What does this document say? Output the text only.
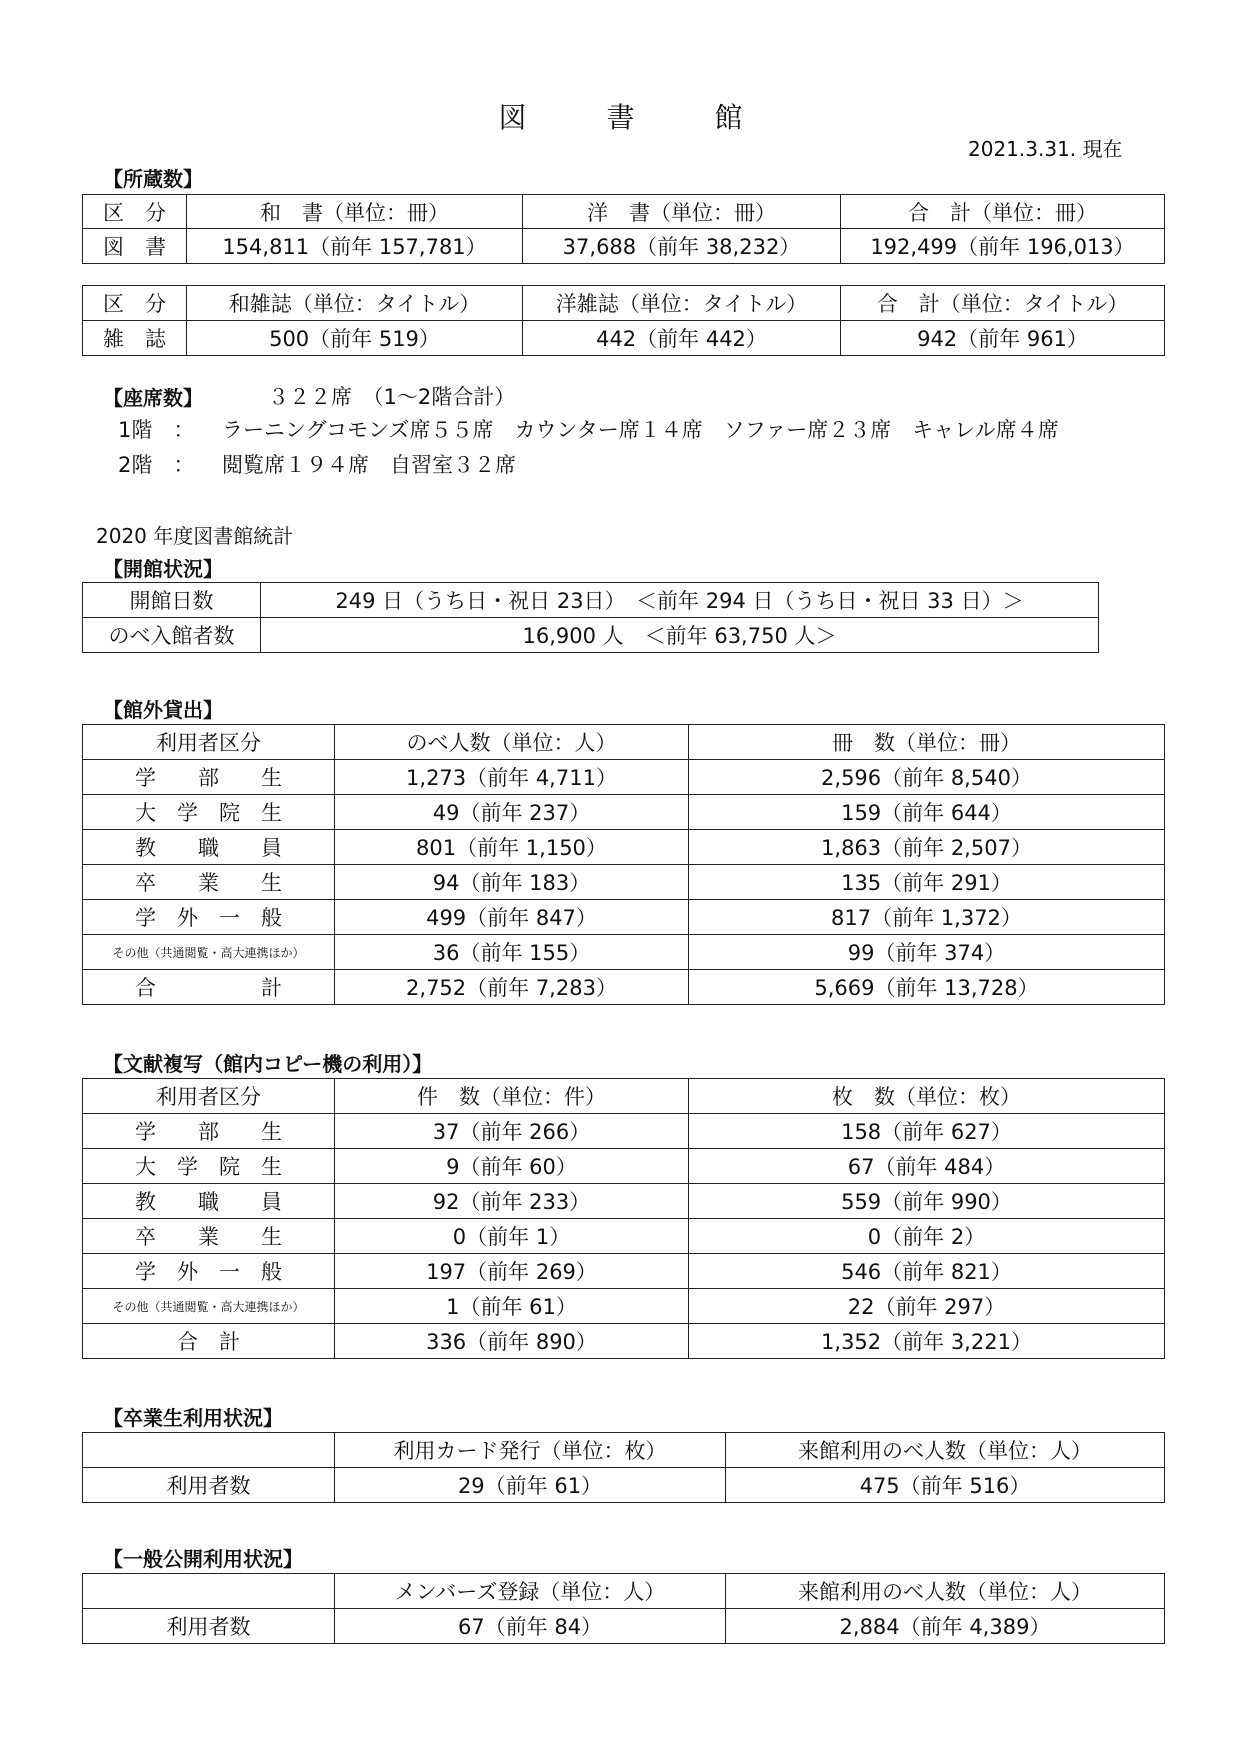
図　書　館
2021.3.31. 現在
【所蔵数】
区　分	和　書（単位：冊）	洋　書（単位：冊）	合　計（単位：冊）
図　書	154,811（前年 157,781）	37,688（前年 38,232）	192,499（前年 196,013）
区　分	和雑誌（単位：タイトル）	洋雑誌（単位：タイトル）	合　計（単位：タイトル）
雑　誌	500（前年 519）	442（前年 442）	942（前年 961）
【座席数】	３２２席　（1～2階合計）
1階　： ラーニングコモンズ席５５席　カウンター席１４席　ソファー席２３席　キャレル席４席
2階　： 閲覧席１９４席　自習室３２席
2020 年度図書館統計
【開館状況】
開館日数	249 日（うち日・祝日 23日）　＜前年 294 日（うち日・祝日 33 日）＞
のべ入館者数	16,900 人　＜前年 63,750 人＞
【館外貸出】
利用者区分	のべ人数（単位：人）	冊　数（単位：冊）
学　　部　　生	1,273（前年 4,711）	2,596（前年 8,540）
大　学　院　生	49（前年 237）	159（前年 644）
教　　職　　員	801（前年 1,150）	1,863（前年 2,507）
卒　　業　　生	94（前年 183）	135（前年 291）
学　外　一　般	499（前年 847）	817（前年 1,372）
その他（共通閲覧・高大連携ほか）	36（前年 155）	99（前年 374）
合　　　　　計	2,752（前年 7,283）	5,669（前年 13,728）
【文献複写（館内コピー機の利用）】
利用者区分	件　数（単位：件）	枚　数（単位：枚）
学　　部　　生	37（前年 266）	158（前年 627）
大　学　院　生	9（前年 60）	67（前年 484）
教　　職　　員	92（前年 233）	559（前年 990）
卒　　業　　生	0（前年 1）	0（前年 2）
学　外　一　般	197（前年 269）	546（前年 821）
その他（共通閲覧・高大連携ほか）	1（前年 61）	22（前年 297）
合　計	336（前年 890）	1,352（前年 3,221）
【卒業生利用状況】
	利用カード発行（単位：枚）	来館利用のべ人数（単位：人）
利用者数	29（前年 61）	475（前年 516）
【一般公開利用状況】
	メンバーズ登録（単位：人）	来館利用のべ人数（単位：人）
利用者数	67（前年 84）	2,884（前年 4,389）
